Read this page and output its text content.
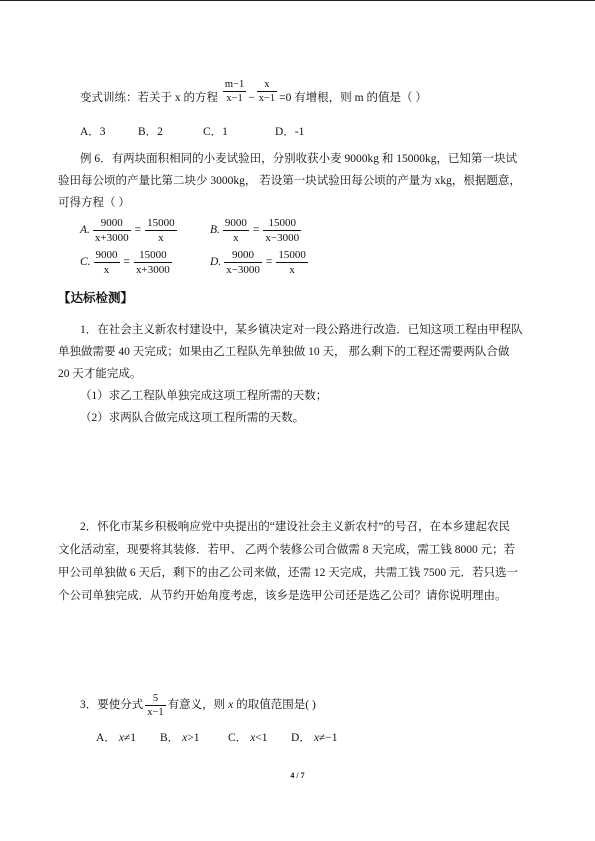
变式训练：若关于 x 的方程 $\frac{m-1}{x-1} - \frac{x}{x-1} =0$ 有增根，则 m 的值是（ ）
A．3	B．2	C．1	D．-1
例 6．有两块面积相同的小麦试验田，分别收获小麦 9000kg 和 15000kg，已知第一块试
验田每公顷的产量比第二块少 3000kg， 若设第一块试验田每公顷的产量为 xkg，根据题意，
可得方程（ ）
A. $\frac{9000}{x+3000} = \frac{15000}{x}$	B. $\frac{9000}{x} = \frac{15000}{x-3000}$
C. $\frac{9000}{x} = \frac{15000}{x+3000}$	D. $\frac{9000}{x-3000} = \frac{15000}{x}$
【达标检测】
1．在社会主义新农村建设中，某乡镇决定对一段公路进行改造．已知这项工程由甲程队
单独做需要 40 天完成；如果由乙工程队先单独做 10 天， 那么剩下的工程还需要两队合做
20 天才能完成。
（1）求乙工程队单独完成这项工程所需的天数；
（2）求两队合做完成这项工程所需的天数。
2．怀化市某乡积极响应党中央提出的“建设社会主义新农村”的号召，在本乡建起农民
文化活动室，现要将其装修．若甲、 乙两个装修公司合做需 8 天完成，需工钱 8000 元；若
甲公司单独做 6 天后，剩下的由乙公司来做，还需 12 天完成，共需工钱 7500 元．若只选一
个公司单独完成．从节约开始角度考虑，该乡是选甲公司还是选乙公司？请你说明理由。
3．要使分式 $\frac{5}{x-1}$ 有意义，则 x 的取值范围是( )
A． x≠1 B． x>1 C． x<1 D． x≠−1
4 / 7
